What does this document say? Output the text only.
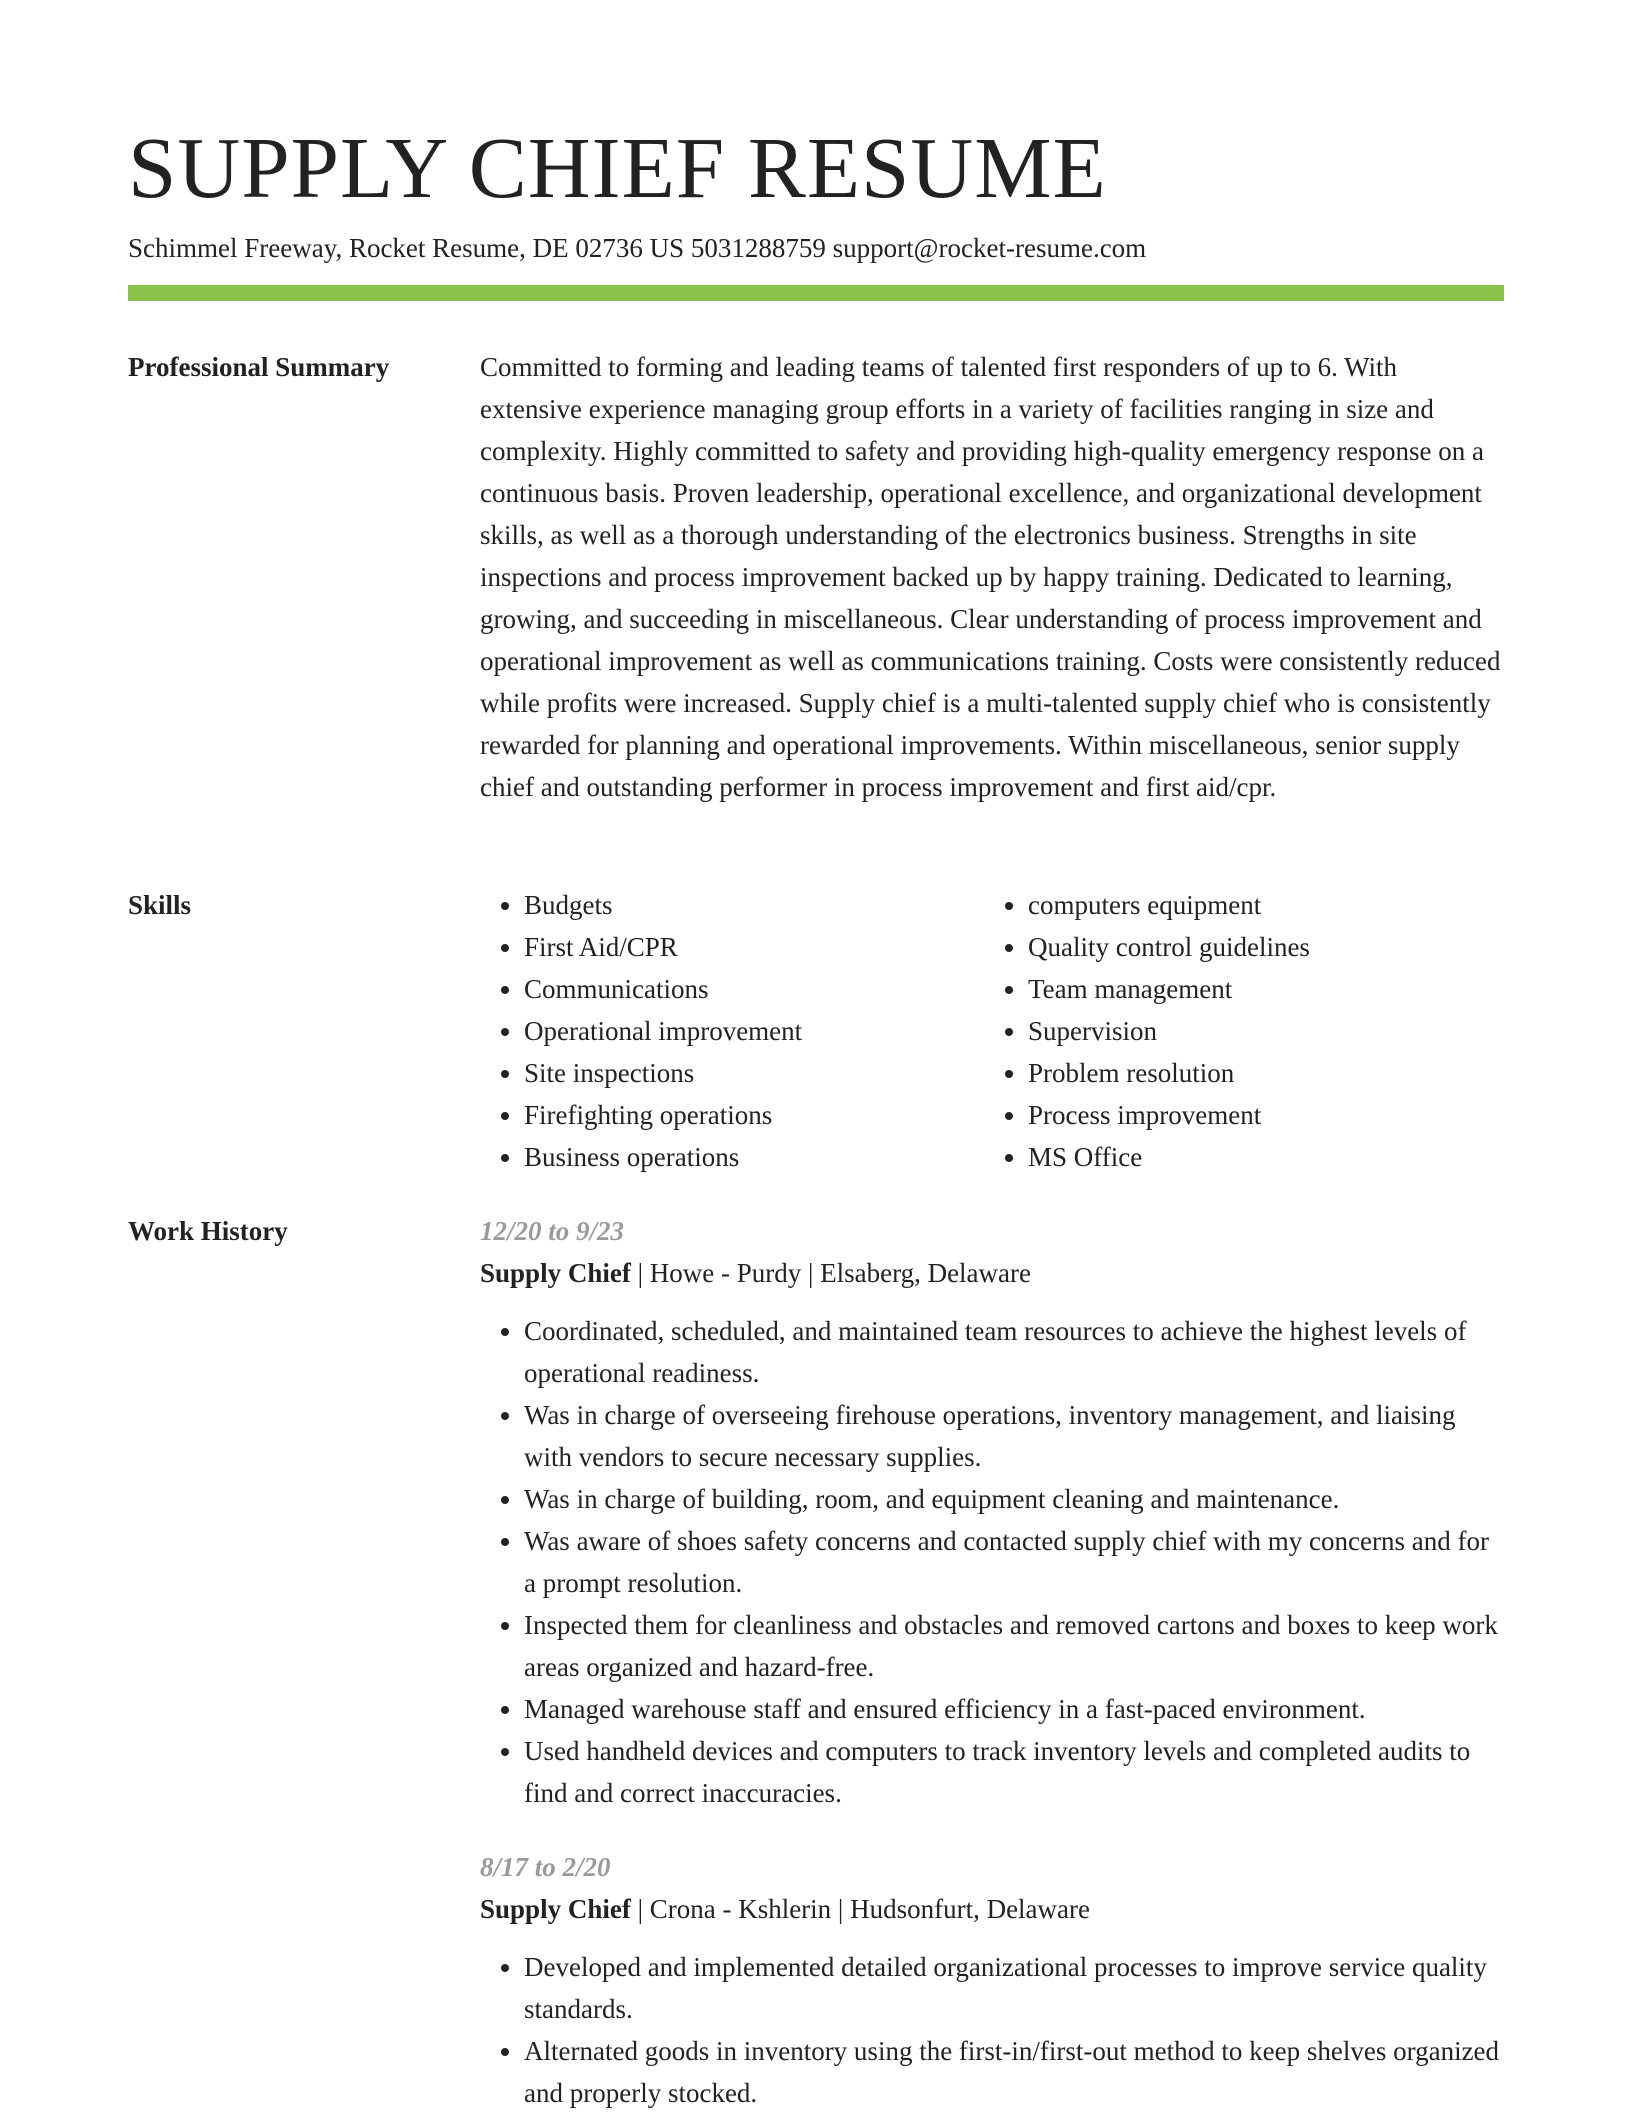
SUPPLY CHIEF RESUME
Schimmel Freeway, Rocket Resume, DE 02736 US 5031288759 support@rocket-resume.com
Professional Summary	Committed to forming and leading teams of talented first responders of up to 6. With extensive experience managing group efforts in a variety of facilities ranging in size and complexity. Highly committed to safety and providing high-quality emergency response on a continuous basis. Proven leadership, operational excellence, and organizational development skills, as well as a thorough understanding of the electronics business. Strengths in site inspections and process improvement backed up by happy training. Dedicated to learning, growing, and succeeding in miscellaneous. Clear understanding of process improvement and operational improvement as well as communications training. Costs were consistently reduced while profits were increased. Supply chief is a multi-talented supply chief who is consistently rewarded for planning and operational improvements. Within miscellaneous, senior supply chief and outstanding performer in process improvement and first aid/cpr.

Skills
•	Budgets
• First Aid/CPR
• Communications
• Operational improvement
• Site inspections
• Firefighting operations
• Business operations
• computers equipment
• Quality control guidelines
• Team management
• Supervision
• Problem resolution
• Process improvement
• MS Office
Work History	12/20 to 9/23
Supply Chief | Howe - Purdy | Elsaberg, Delaware
• Coordinated, scheduled, and maintained team resources to achieve the highest levels of operational readiness.
• Was in charge of overseeing firehouse operations, inventory management, and liaising with vendors to secure necessary supplies.
• Was in charge of building, room, and equipment cleaning and maintenance.
• Was aware of shoes safety concerns and contacted supply chief with my concerns and for a prompt resolution.
• Inspected them for cleanliness and obstacles and removed cartons and boxes to keep work areas organized and hazard-free.
• Managed warehouse staff and ensured efficiency in a fast-paced environment.
• Used handheld devices and computers to track inventory levels and completed audits to find and correct inaccuracies.
8/17 to 2/20
Supply Chief | Crona - Kshlerin | Hudsonfurt, Delaware
• Developed and implemented detailed organizational processes to improve service quality standards.
• Alternated goods in inventory using the first-in/first-out method to keep shelves organized and properly stocked.
